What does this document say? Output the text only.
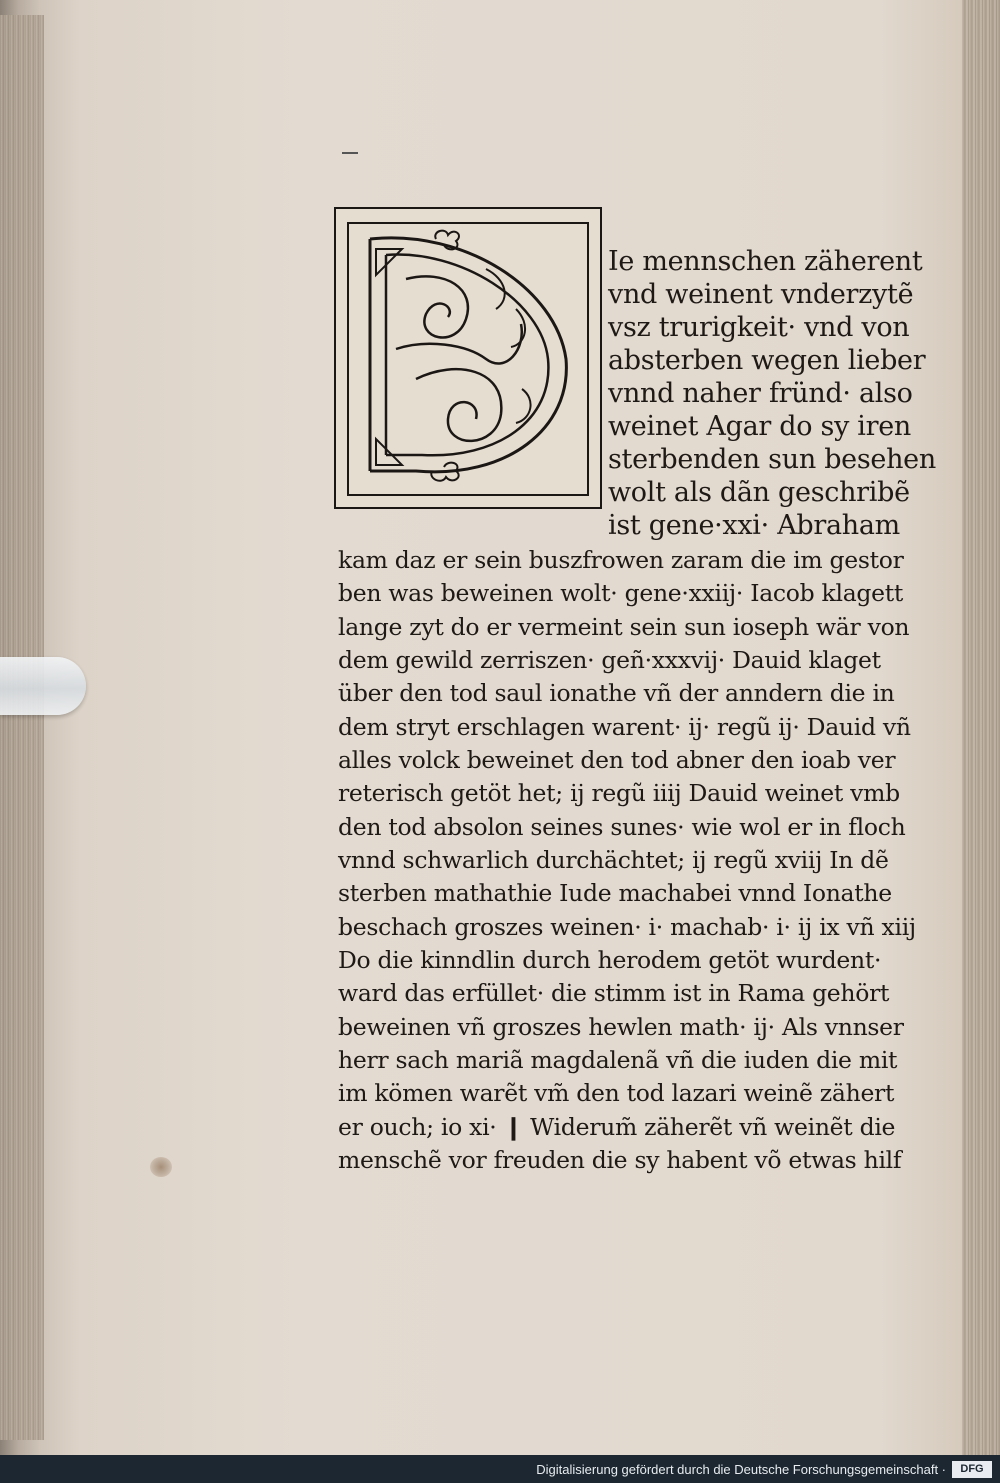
Ie mennschen zäherent
vnd weinent vnderzytẽ
vsz trurigkeit· vnd von
absterben wegen lieber
vnnd naher fründ· also
weinet Agar do sy iren
sterbenden sun besehen
wolt als dãn geschribẽ
ist gene·xxi· Abraham
kam daz er sein buszfrowen zaram die im gestor
ben was beweinen wolt· gene·xxiij· Iacob klagett
lange zyt do er vermeint sein sun ioseph wär von
dem gewild zerriszen· geñ·xxxvij· Dauid klaget
über den tod saul ionathe vñ der anndern die in
dem stryt erschlagen warent· ij· regũ ij· Dauid vñ
alles volck beweinet den tod abner den ioab ver
reterisch getöt het; ij regũ iiij Dauid weinet vmb
den tod absolon seines sunes· wie wol er in floch
vnnd schwarlich durchächtet; ij regũ xviij In dẽ
sterben mathathie Iude machabei vnnd Ionathe
beschach groszes weinen· i· machab· i· ij ix vñ xiij
Do die kinndlin durch herodem getöt wurdent·
ward das erfüllet· die stimm ist in Rama gehört
beweinen vñ groszes hewlen math· ij· Als vnnser
herr sach mariã magdalenã vñ die iuden die mit
im kömen warẽt vm̃ den tod lazari weinẽ zähert
er ouch; io xi· ❙ Widerum̃ zäherẽt vñ weinẽt die
menschẽ vor freuden die sy habent võ etwas hilf
Digitalisierung gefördert durch die Deutsche Forschungsgemeinschaft ·	DFG
